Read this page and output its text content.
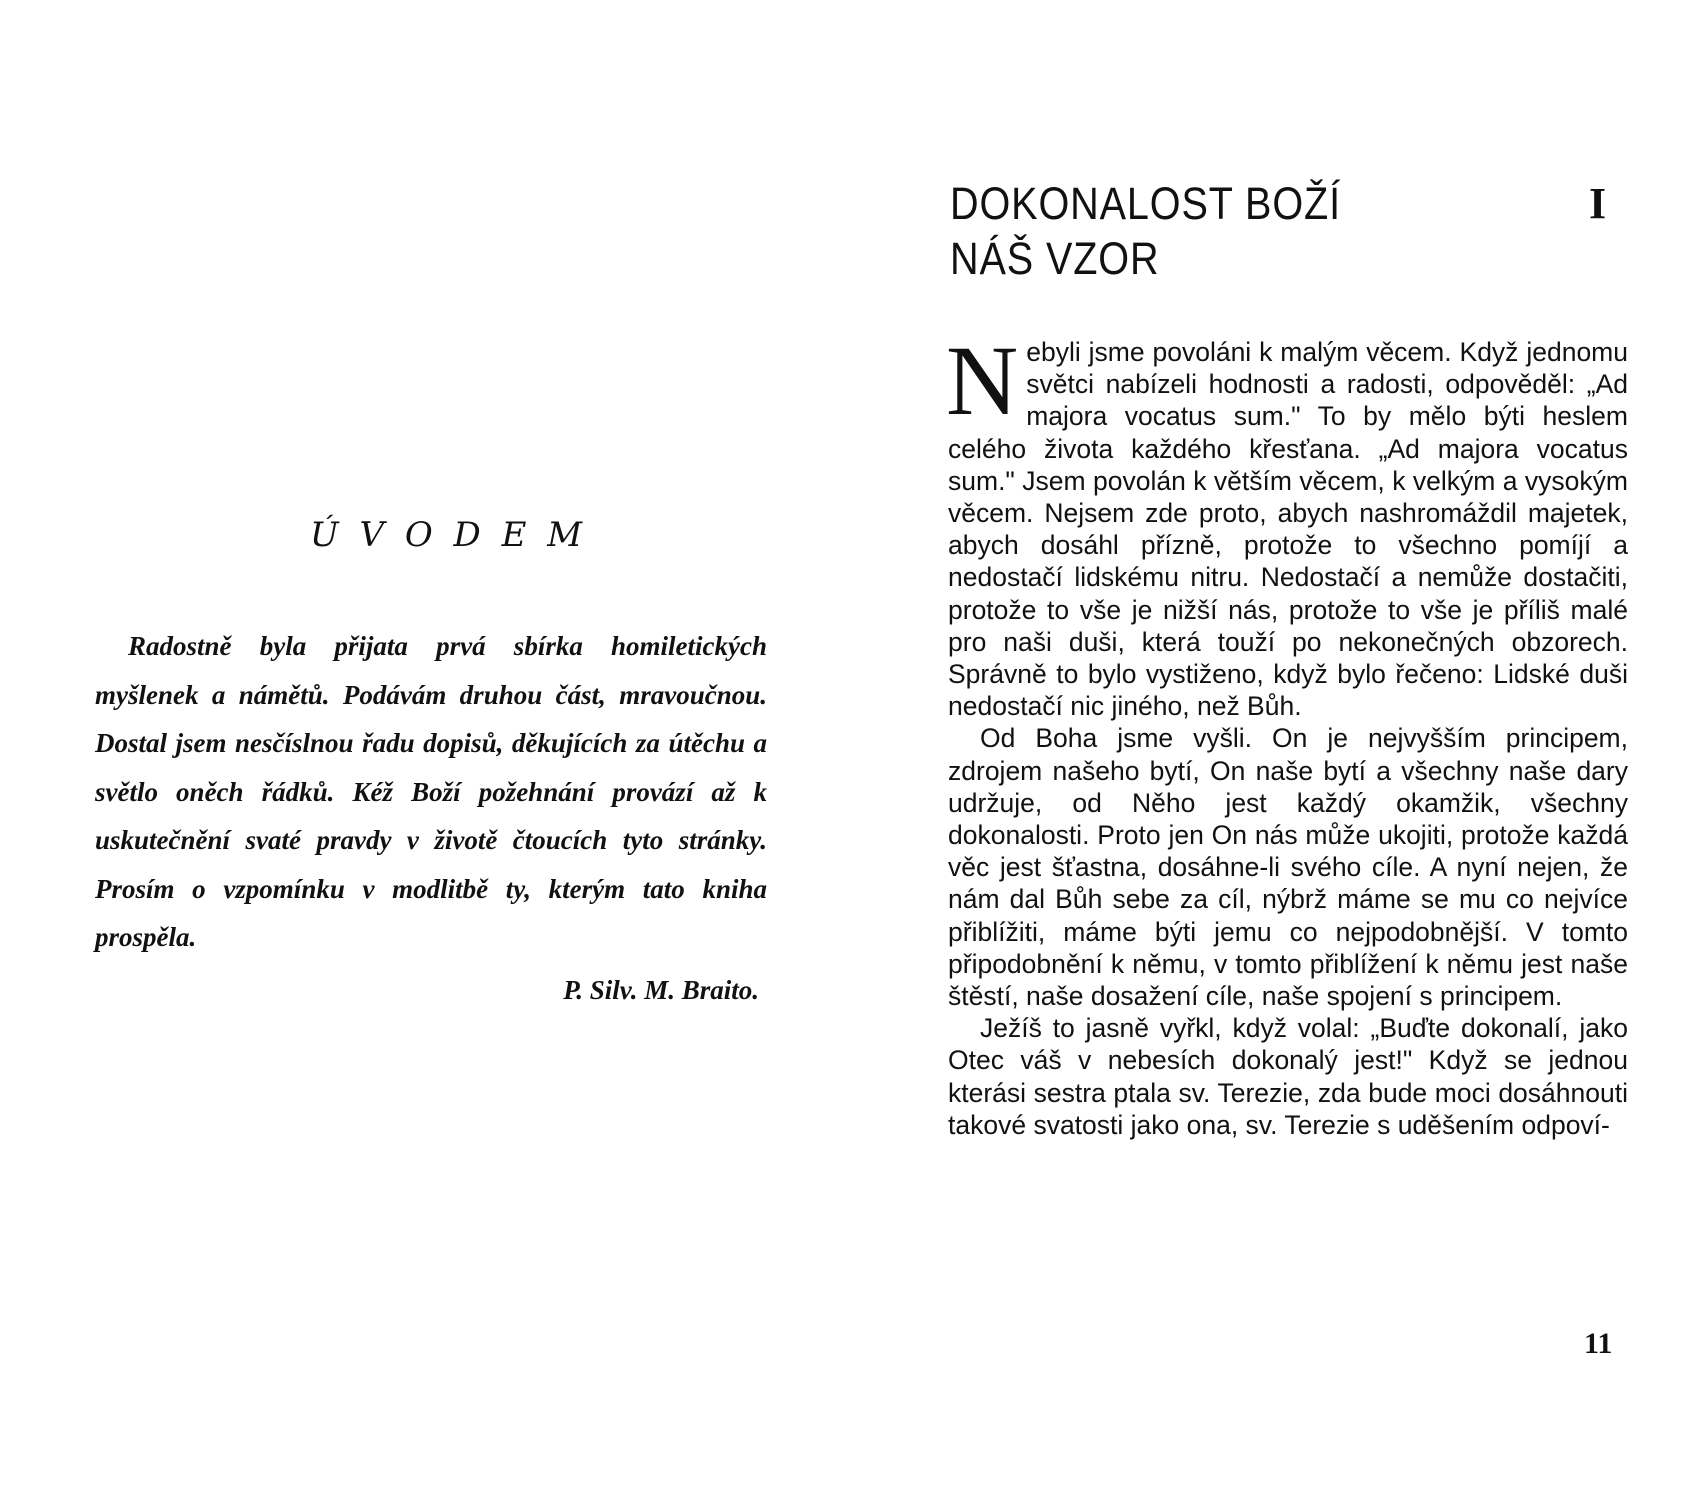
Ú V O D E M

Radostně byla přijata prvá sbírka homiletických myšlenek a námětů. Podávám druhou část, mravoučnou. Dostal jsem nesčíslnou řadu dopisů, děkujících za útěchu a světlo oněch řádků. Kéž Boží požehnání provází až k uskutečnění svaté pravdy v životě čtoucích tyto stránky. Prosím o vzpomínku v modlitbě ty, kterým tato kniha prospěla.

P. Silv. M. Braito.
DOKONALOST BOŽÍ
NÁŠ VZOR
I

Nebyli jsme povoláni k malým věcem. Když jednomu světci nabízeli hodnosti a radosti, odpověděl: „Ad majora vocatus sum." To by mělo býti heslem celého života každého křesťana. „Ad majora vocatus sum." Jsem povolán k větším věcem, k velkým a vysokým věcem. Nejsem zde proto, abych nashromáždil majetek, abych dosáhl přízně, protože to všechno pomíjí a nedostačí lidskému nitru. Nedostačí a nemůže dostačiti, protože to vše je nižší nás, protože to vše je příliš malé pro naši duši, která touží po nekonečných obzorech. Správně to bylo vystiženo, když bylo řečeno: Lidské duši nedostačí nic jiného, než Bůh.

Od Boha jsme vyšli. On je nejvyšším principem, zdrojem našeho bytí, On naše bytí a všechny naše dary udržuje, od Něho jest každý okamžik, všechny dokonalosti. Proto jen On nás může ukojiti, protože každá věc jest šťastna, dosáhne-li svého cíle. A nyní nejen, že nám dal Bůh sebe za cíl, nýbrž máme se mu co nejvíce přiblížiti, máme býti jemu co nejpodobnější. V tomto připodobnění k němu, v tomto přiblížení k němu jest naše štěstí, naše dosažení cíle, naše spojení s principem.

Ježíš to jasně vyřkl, když volal: „Buďte dokonalí, jako Otec váš v nebesích dokonalý jest!" Když se jednou kterási sestra ptala sv. Terezie, zda bude moci dosáhnouti takové svatosti jako ona, sv. Terezie s uděšením odpoví-

11
